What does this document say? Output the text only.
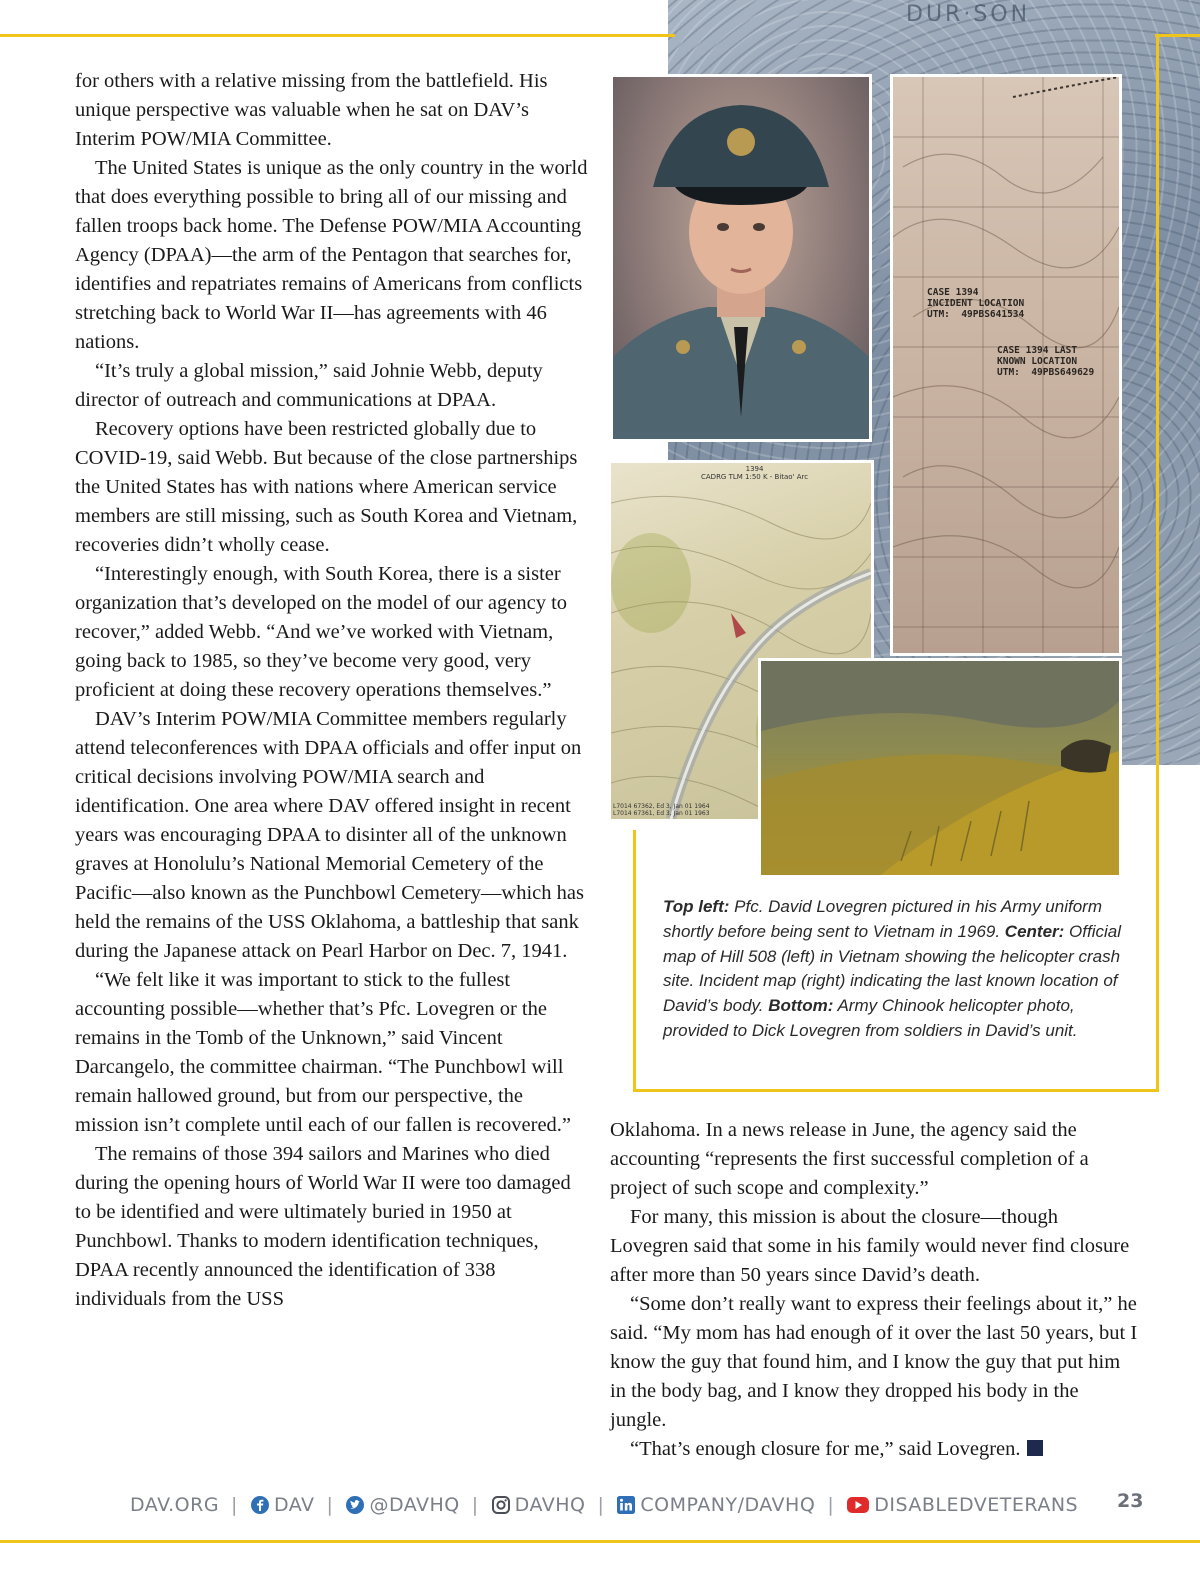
DUR·SON
CASE 1394
INCIDENT LOCATION
UTM:  49PBS641534
CASE 1394 LAST
KNOWN LOCATION
UTM:  49PBS649629
1394
CADRG TLM 1:50 K - Bitao' Arc
L7014 67362, Ed 3, Jan 01 1964
L7014 67361, Ed 3, Jan 01 1963

for others with a relative missing from the battlefield. His unique perspective was valuable when he sat on DAV’s Interim POW/MIA Committee.

The United States is unique as the only country in the world that does everything possible to bring all of our missing and fallen troops back home. The Defense POW/MIA Accounting Agency (DPAA)—the arm of the Pentagon that searches for, identifies and repatriates remains of Americans from conflicts stretching back to World War II—has agreements with 46 nations.

“It’s truly a global mission,” said Johnie Webb, deputy director of outreach and communications at DPAA.

Recovery options have been restricted globally due to COVID-19, said Webb. But because of the close partnerships the United States has with nations where American service members are still missing, such as South Korea and Vietnam, recoveries didn’t wholly cease.

“Interestingly enough, with South Korea, there is a sister organization that’s developed on the model of our agency to recover,” added Webb. “And we’ve worked with Vietnam, going back to 1985, so they’ve become very good, very proficient at doing these recovery operations themselves.”

DAV’s Interim POW/MIA Committee members regularly attend teleconferences with DPAA officials and offer input on critical decisions involving POW/MIA search and identification. One area where DAV offered insight in recent years was encouraging DPAA to disinter all of the unknown graves at Honolulu’s National Memorial Cemetery of the Pacific—also known as the Punchbowl Cemetery—which has held the remains of the USS Oklahoma, a battleship that sank during the Japanese attack on Pearl Harbor on Dec. 7, 1941.

“We felt like it was important to stick to the fullest accounting possible—whether that’s Pfc. Lovegren or the remains in the Tomb of the Unknown,” said Vincent Darcangelo, the committee chairman. “The Punchbowl will remain hallowed ground, but from our perspective, the mission isn’t complete until each of our fallen is recovered.”

The remains of those 394 sailors and Marines who died during the opening hours of World War II were too damaged to be identified and were ultimately buried in 1950 at Punchbowl. Thanks to modern identification techniques, DPAA recently announced the identification of 338 individuals from the USS

Top left: Pfc. David Lovegren pictured in his Army uniform shortly before being sent to Vietnam in 1969. Center: Official map of Hill 508 (left) in Vietnam showing the helicopter crash site. Incident map (right) indicating the last known location of David’s body. Bottom: Army Chinook helicopter photo, provided to Dick Lovegren from soldiers in David’s unit.

Oklahoma. In a news release in June, the agency said the accounting “represents the first successful completion of a project of such scope and complexity.”

For many, this mission is about the closure—though Lovegren said that some in his family would never find closure after more than 50 years since David’s death.

“Some don’t really want to express their feelings about it,” he said. “My mom has had enough of it over the last 50 years, but I know the guy that found him, and I know the guy that put him in the body bag, and I know they dropped his body in the jungle.

“That’s enough closure for me,” said Lovegren.

DAV.ORG | DAV | @DAVHQ | DAVHQ | COMPANY/DAVHQ | DISABLEDVETERANS 23
